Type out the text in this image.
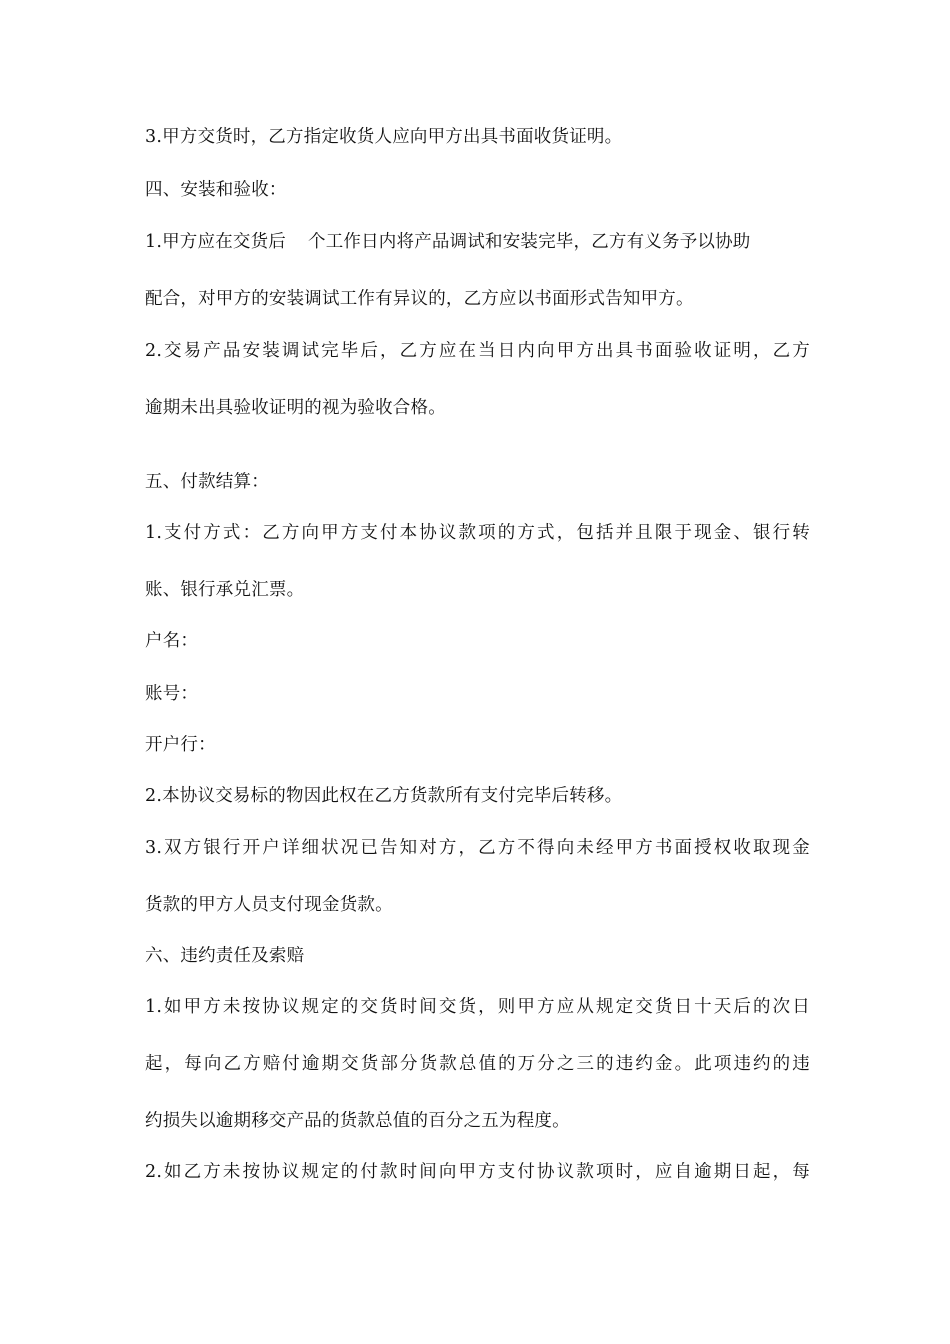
3.甲方交货时，乙方指定收货人应向甲方出具书面收货证明。
四、安装和验收：
1.甲方应在交货后 个工作日内将产品调试和安装完毕，乙方有义务予以协助
配合，对甲方的安装调试工作有异议的，乙方应以书面形式告知甲方。
2.交易产品安装调试完毕后，乙方应在当日内向甲方出具书面验收证明，乙方
逾期未出具验收证明的视为验收合格。
五、付款结算：
1.支付方式：乙方向甲方支付本协议款项的方式，包括并且限于现金、银行转
账、银行承兑汇票。
户名：
账号：
开户行：
2.本协议交易标的物因此权在乙方货款所有支付完毕后转移。
3.双方银行开户详细状况已告知对方，乙方不得向未经甲方书面授权收取现金
货款的甲方人员支付现金货款。
六、违约责任及索赔
1.如甲方未按协议规定的交货时间交货，则甲方应从规定交货日十天后的次日
起，每向乙方赔付逾期交货部分货款总值的万分之三的违约金。此项违约的违
约损失以逾期移交产品的货款总值的百分之五为程度。
2.如乙方未按协议规定的付款时间向甲方支付协议款项时，应自逾期日起，每
